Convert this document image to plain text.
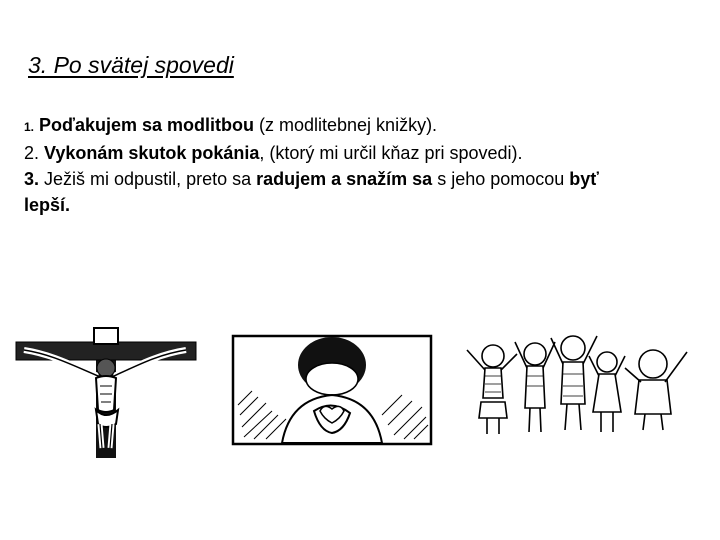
3. Po svätej spovedi
1. Poďakujem sa modlitbou (z modlitebnej knižky).
2. Vykonám skutok pokánia, (ktorý mi určil kňaz pri spovedi).
3. Ježiš mi odpustil, preto sa radujem a snažím sa s jeho pomocou byť
lepší.
